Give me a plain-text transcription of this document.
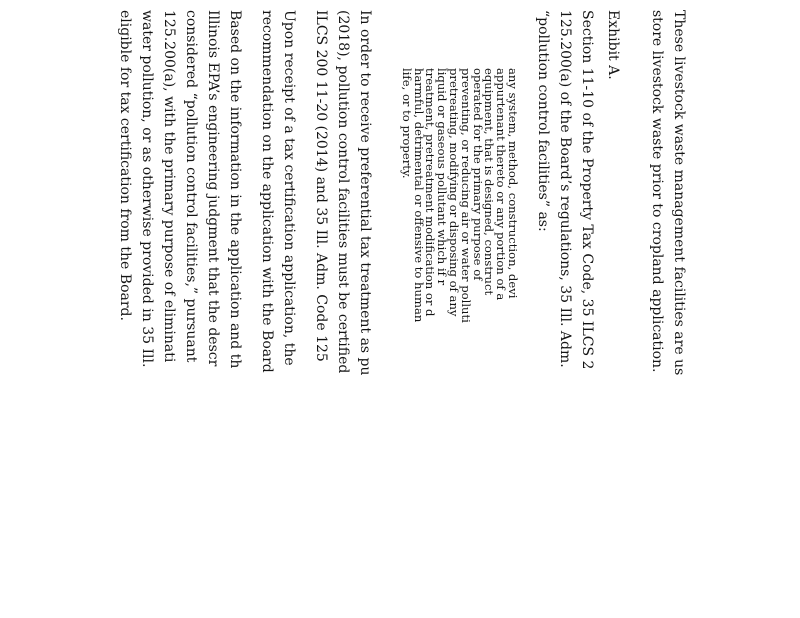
These livestock waste management facilities are us
store livestock waste prior to cropland application.
Exhibit A.
Section 11-10 of the Property Tax Code, 35 ILCS 2
125.200(a) of the Board’s regulations, 35 Ill. Adm.
“pollution control facilities” as:
any system, method, construction, devi
appurtenant thereto or any portion of a
equipment, that is designed, construct
operated for the primary purpose of
preventing, or reducing air or water polluti
pretreating, modifying or disposing of any
liquid or gaseous pollutant which if r
treatment, pretreatment modification or d
harmful, detrimental or offensive to human
life, or to property.
In order to receive preferential tax treatment as pu
(2018), pollution control facilities must be certified
ILCS 200 11-20 (2014) and 35 Ill. Adm. Code 125
Upon receipt of a tax certification application, the
recommendation on the application with the Board
Based on the information in the application and th
Illinois EPA’s engineering judgment that the descr
considered “pollution control facilities,” pursuant
125.200(a), with the primary purpose of eliminati
water pollution, or as otherwise provided in 35 Ill.
eligible for tax certification from the Board.
